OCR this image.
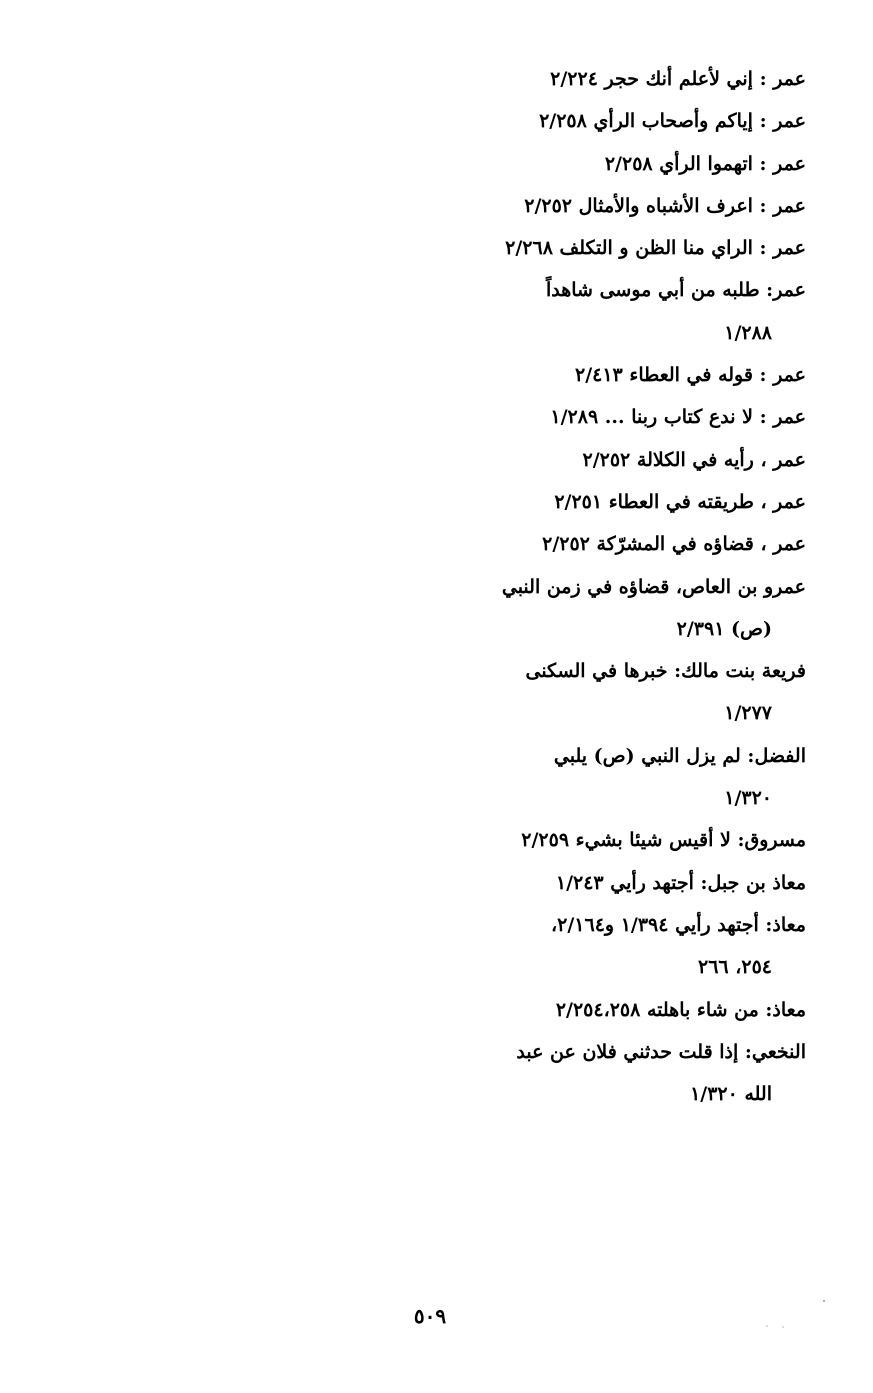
عمر : إني لأعلم أنك حجر ٢/٢٢٤
عمر : إياكم وأصحاب الرأي ٢/٢٥٨
عمر : اتهموا الرأي ٢/٢٥٨
عمر : اعرف الأشباه والأمثال ٢/٢٥٢
عمر : الراي منا الظن و التكلف ٢/٢٦٨
عمر: طلبه من أبي موسى شاهداً
١/٢٨٨
عمر : قوله في العطاء ٢/٤١٣
عمر : لا ندع كتاب ربنا ... ١/٢٨٩
عمر ، رأيه في الكلالة ٢/٢٥٢
عمر ، طريقته في العطاء ٢/٢٥١
عمر ، قضاؤه في المشرّكة ٢/٢٥٢
عمرو بن العاص، قضاؤه في زمن النبي
(ص) ٢/٣٩١
فريعة بنت مالك: خبرها في السكنى
١/٢٧٧
الفضل: لم يزل النبي (ص) يلبي
١/٣٢٠
مسروق: لا أقيس شيئا بشيء ٢/٢٥٩
معاذ بن جبل: أجتهد رأيي ١/٢٤٣
معاذ: أجتهد رأيي ١/٣٩٤ و٢/١٦٤،
٢٥٤، ٢٦٦
معاذ: من شاء باهلته ٢/٢٥٤،٢٥٨
النخعي: إذا قلت حدثني فلان عن عبد
الله ١/٣٢٠
٥٠٩
